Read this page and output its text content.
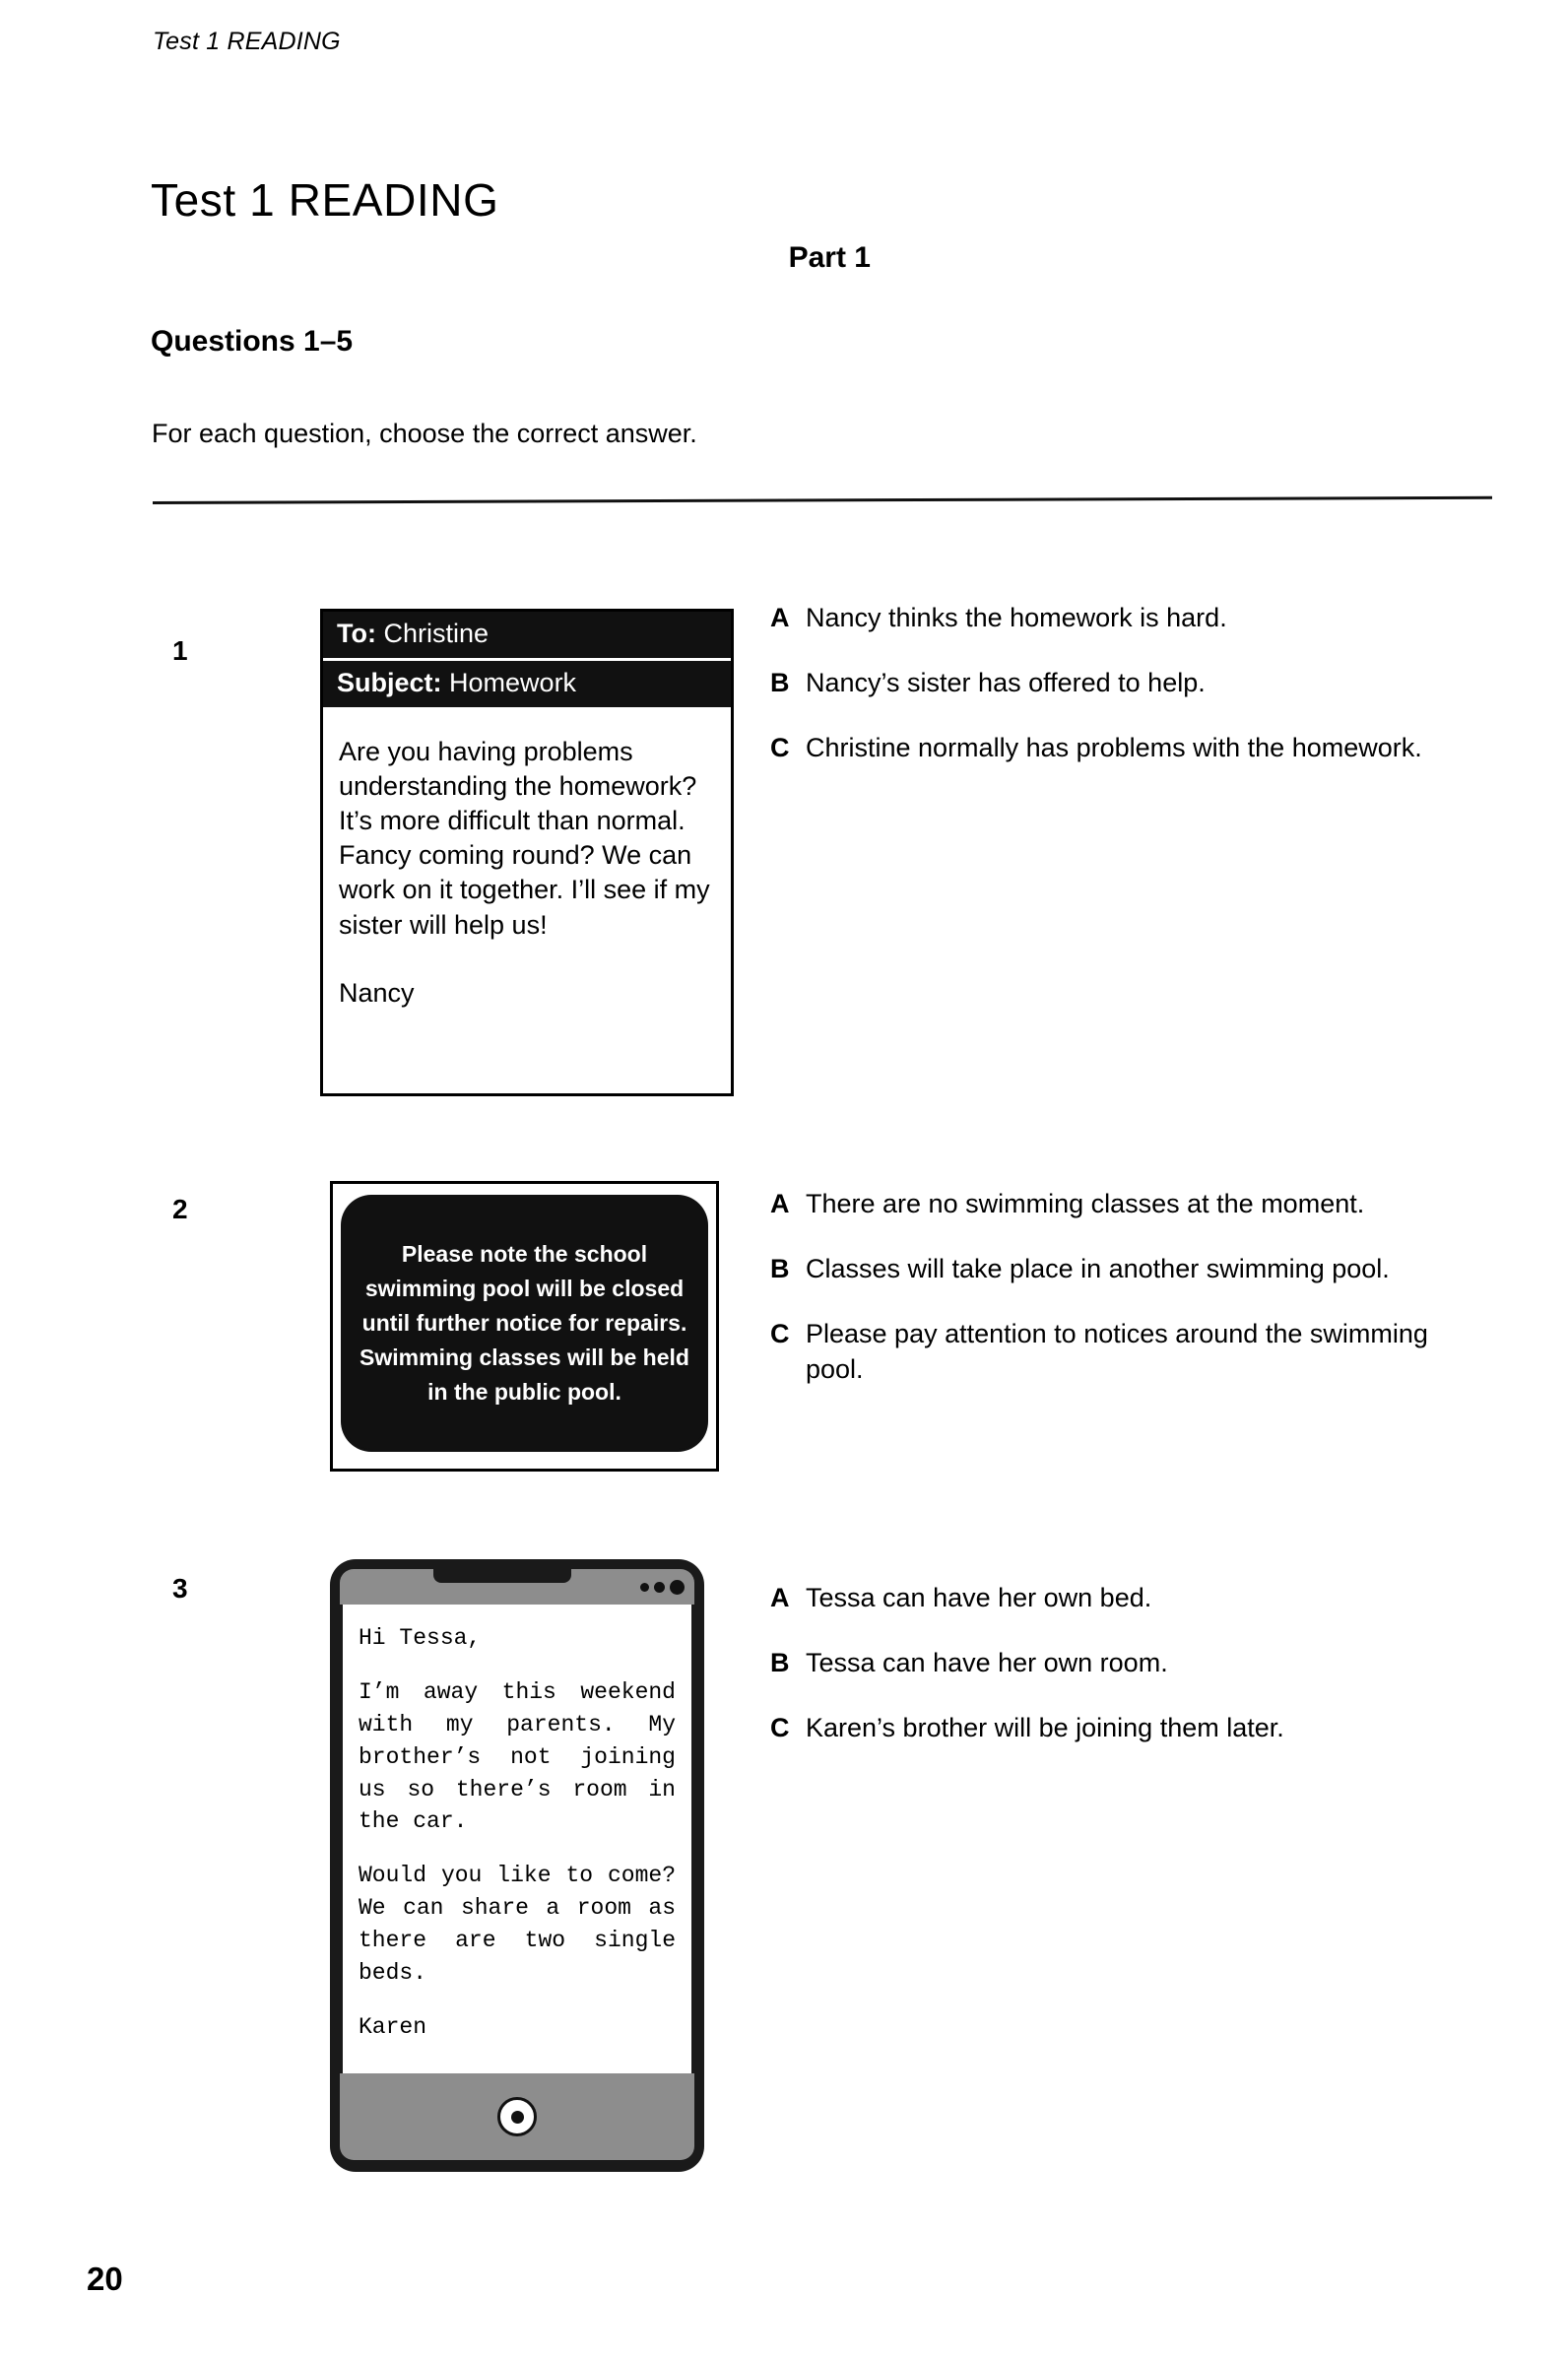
Test 1 READING
Test 1 READING
Part 1
Questions 1–5
For each question, choose the correct answer.
1
To: Christine
Subject: Homework
Are you having problems understanding the homework? It’s more difficult than normal. Fancy coming round? We can work on it together. I’ll see if my sister will help us!
Nancy
A Nancy thinks the homework is hard.
B Nancy’s sister has offered to help.
C Christine normally has problems with the homework.
2
Please note the school swimming pool will be closed until further notice for repairs. Swimming classes will be held in the public pool.
A There are no swimming classes at the moment.
B Classes will take place in another swimming pool.
C Please pay attention to notices around the swimming pool.
3

Hi Tessa,

I’m away this weekend with my parents. My brother’s not joining us so there’s room in the car.

Would you like to come? We can share a room as there are two single beds.

Karen

A Tessa can have her own bed.
B Tessa can have her own room.
C Karen’s brother will be joining them later.
20
